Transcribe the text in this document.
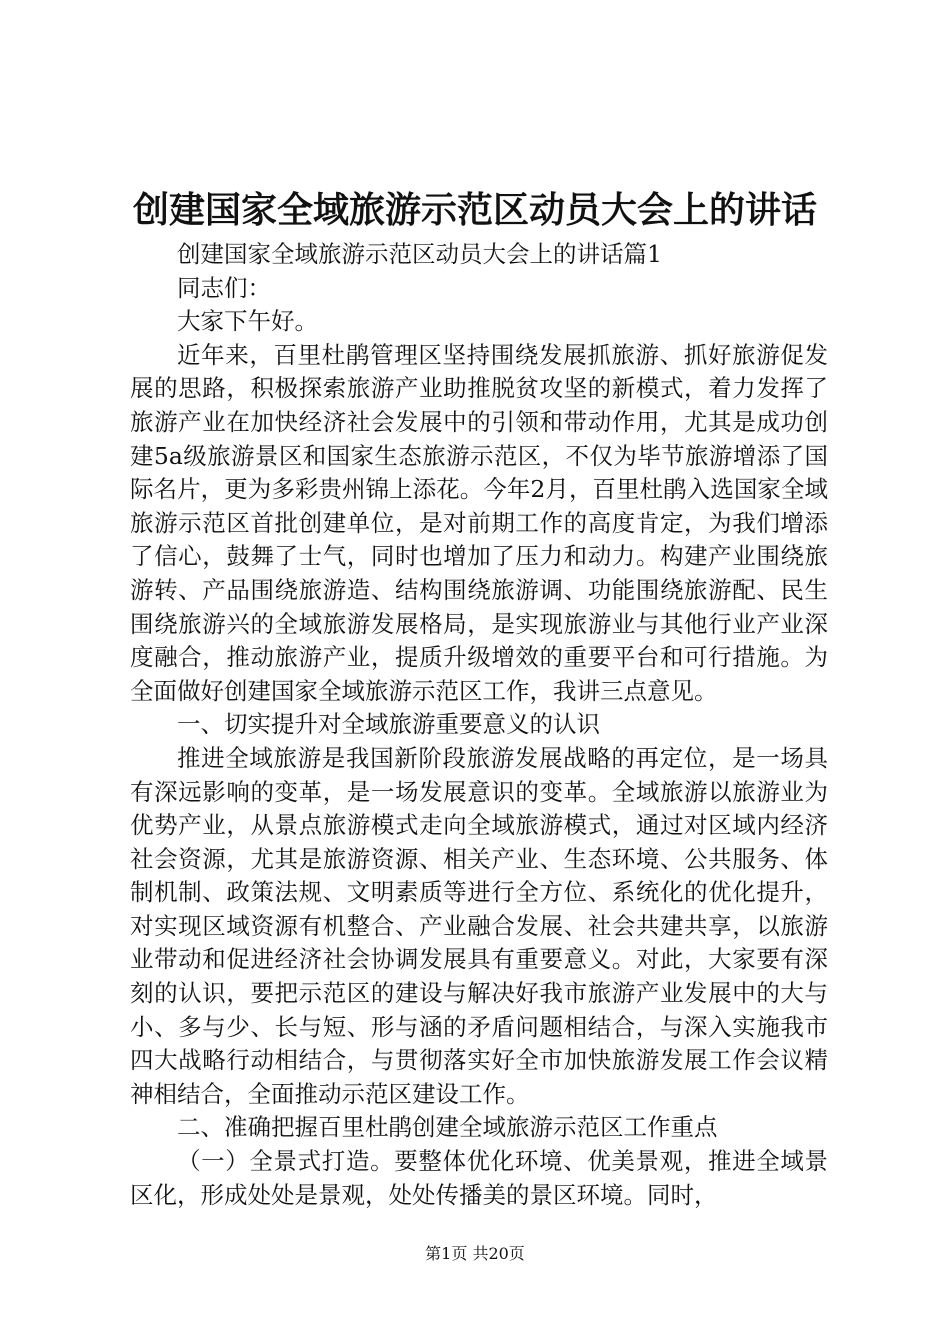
创建国家全域旅游示范区动员大会上的讲话

创建国家全域旅游示范区动员大会上的讲话篇1

同志们：

大家下午好。

近年来，百里杜鹃管理区坚持围绕发展抓旅游、抓好旅游促发展的思路，积极探索旅游产业助推脱贫攻坚的新模式，着力发挥了旅游产业在加快经济社会发展中的引领和带动作用，尤其是成功创建5a级旅游景区和国家生态旅游示范区，不仅为毕节旅游增添了国际名片，更为多彩贵州锦上添花。今年2月，百里杜鹃入选国家全域旅游示范区首批创建单位，是对前期工作的高度肯定，为我们增添了信心，鼓舞了士气，同时也增加了压力和动力。构建产业围绕旅游转、产品围绕旅游造、结构围绕旅游调、功能围绕旅游配、民生围绕旅游兴的全域旅游发展格局，是实现旅游业与其他行业产业深度融合，推动旅游产业，提质升级增效的重要平台和可行措施。为全面做好创建国家全域旅游示范区工作，我讲三点意见。

一、切实提升对全域旅游重要意义的认识

推进全域旅游是我国新阶段旅游发展战略的再定位，是一场具有深远影响的变革，是一场发展意识的变革。全域旅游以旅游业为优势产业，从景点旅游模式走向全域旅游模式，通过对区域内经济社会资源，尤其是旅游资源、相关产业、生态环境、公共服务、体制机制、政策法规、文明素质等进行全方位、系统化的优化提升，对实现区域资源有机整合、产业融合发展、社会共建共享，以旅游业带动和促进经济社会协调发展具有重要意义。对此，大家要有深刻的认识，要把示范区的建设与解决好我市旅游产业发展中的大与小、多与少、长与短、形与涵的矛盾问题相结合，与深入实施我市四大战略行动相结合，与贯彻落实好全市加快旅游发展工作会议精神相结合，全面推动示范区建设工作。

二、准确把握百里杜鹃创建全域旅游示范区工作重点

（一）全景式打造。要整体优化环境、优美景观，推进全域景区化，形成处处是景观，处处传播美的景区环境。同时，

第1页 共20页
